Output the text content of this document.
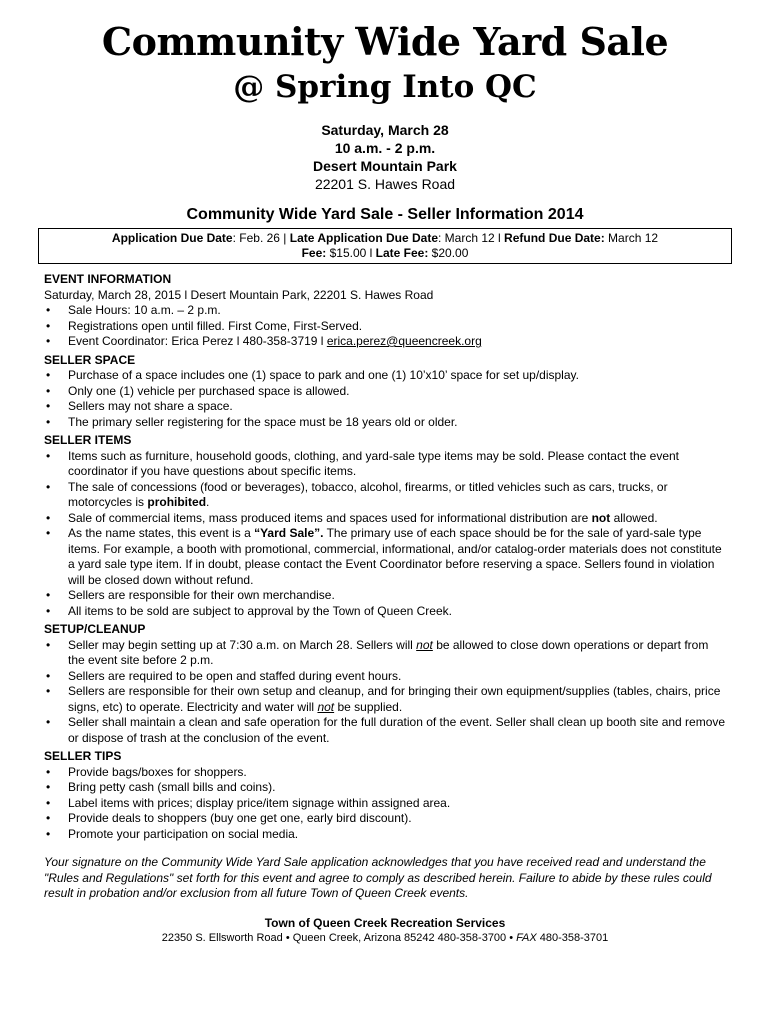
Community Wide Yard Sale
@ Spring Into QC
Saturday, March 28
10 a.m. - 2 p.m.
Desert Mountain Park
22201 S. Hawes Road
Community Wide Yard Sale - Seller Information 2014
Application Due Date: Feb. 26 | Late Application Due Date: March 12 l Refund Due Date: March 12
Fee: $15.00 l Late Fee: $20.00
EVENT INFORMATION
Saturday, March 28, 2015 l Desert Mountain Park, 22201 S. Hawes Road
• Sale Hours: 10 a.m. – 2 p.m.
• Registrations open until filled. First Come, First-Served.
• Event Coordinator: Erica Perez l 480-358-3719 l erica.perez@queencreek.org
SELLER SPACE
• Purchase of a space includes one (1) space to park and one (1) 10’x10’ space for set up/display.
• Only one (1) vehicle per purchased space is allowed.
• Sellers may not share a space.
• The primary seller registering for the space must be 18 years old or older.
SELLER ITEMS
• Items such as furniture, household goods, clothing, and yard-sale type items may be sold. Please contact the event coordinator if you have questions about specific items.
• The sale of concessions (food or beverages), tobacco, alcohol, firearms, or titled vehicles such as cars, trucks, or motorcycles is prohibited.
• Sale of commercial items, mass produced items and spaces used for informational distribution are not allowed.
• As the name states, this event is a “Yard Sale”. The primary use of each space should be for the sale of yard-sale type items. For example, a booth with promotional, commercial, informational, and/or catalog-order materials does not constitute a yard sale type item. If in doubt, please contact the Event Coordinator before reserving a space. Sellers found in violation will be closed down without refund.
• Sellers are responsible for their own merchandise.
• All items to be sold are subject to approval by the Town of Queen Creek.
SETUP/CLEANUP
• Seller may begin setting up at 7:30 a.m. on March 28. Sellers will not be allowed to close down operations or depart from the event site before 2 p.m.
• Sellers are required to be open and staffed during event hours.
• Sellers are responsible for their own setup and cleanup, and for bringing their own equipment/supplies (tables, chairs, price signs, etc) to operate. Electricity and water will not be supplied.
• Seller shall maintain a clean and safe operation for the full duration of the event. Seller shall clean up booth site and remove or dispose of trash at the conclusion of the event.
SELLER TIPS
• Provide bags/boxes for shoppers.
• Bring petty cash (small bills and coins).
• Label items with prices; display price/item signage within assigned area.
• Provide deals to shoppers (buy one get one, early bird discount).
• Promote your participation on social media.
Your signature on the Community Wide Yard Sale application acknowledges that you have received read and understand the "Rules and Regulations" set forth for this event and agree to comply as described herein. Failure to abide by these rules could result in probation and/or exclusion from all future Town of Queen Creek events.
Town of Queen Creek Recreation Services
22350 S. Ellsworth Road • Queen Creek, Arizona 85242 480-358-3700 • FAX 480-358-3701
